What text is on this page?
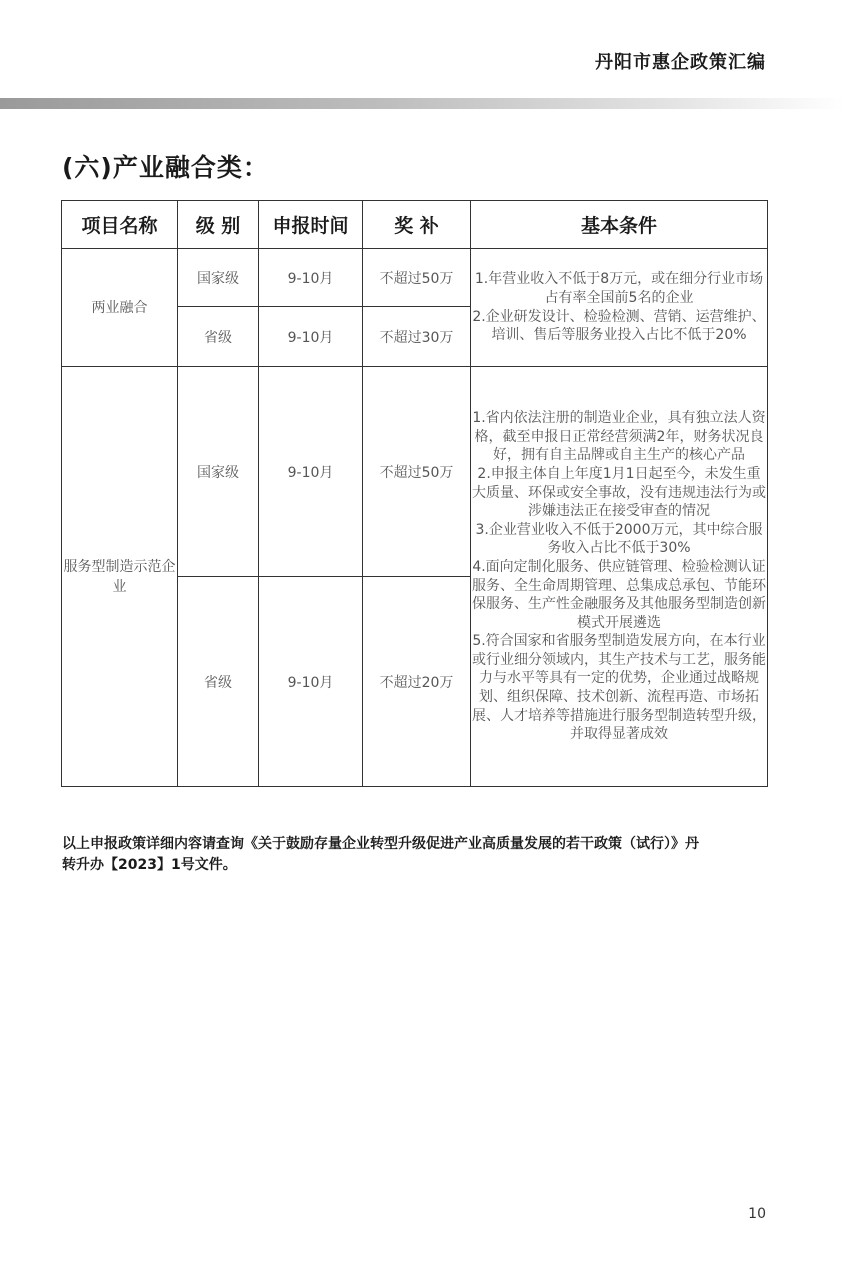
丹阳市惠企政策汇编
(六)产业融合类：
项目名称	级 别	申报时间	奖 补	基本条件
两业融合	国家级	9-10月	不超过50万	1.年营业收入不低于8万元，或在细分行业市场占有率全国前5名的企业
2.企业研发设计、检验检测、营销、运营维护、培训、售后等服务业投入占比不低于20%

	省级	9-10月	不超过30万	
服务型制造示范企业	国家级	9-10月	不超过50万	1.省内依法注册的制造业企业，具有独立法人资格，截至申报日正常经营须满2年，财务状况良好，拥有自主品牌或自主生产的核心产品
2.申报主体自上年度1月1日起至今，未发生重大质量、环保或安全事故，没有违规违法行为或涉嫌违法正在接受审查的情况
3.企业营业收入不低于2000万元，其中综合服务收入占比不低于30%
4.面向定制化服务、供应链管理、检验检测认证服务、全生命周期管理、总集成总承包、节能环保服务、生产性金融服务及其他服务型制造创新模式开展遴选
5.符合国家和省服务型制造发展方向，在本行业或行业细分领域内，其生产技术与工艺，服务能力与水平等具有一定的优势，企业通过战略规划、组织保障、技术创新、流程再造、市场拓展、人才培养等措施进行服务型制造转型升级，并取得显著成效

	省级	9-10月	不超过20万	
以上申报政策详细内容请查询《关于鼓励存量企业转型升级促进产业高质量发展的若干政策（试行）》丹转升办【2023】1号文件。
10
